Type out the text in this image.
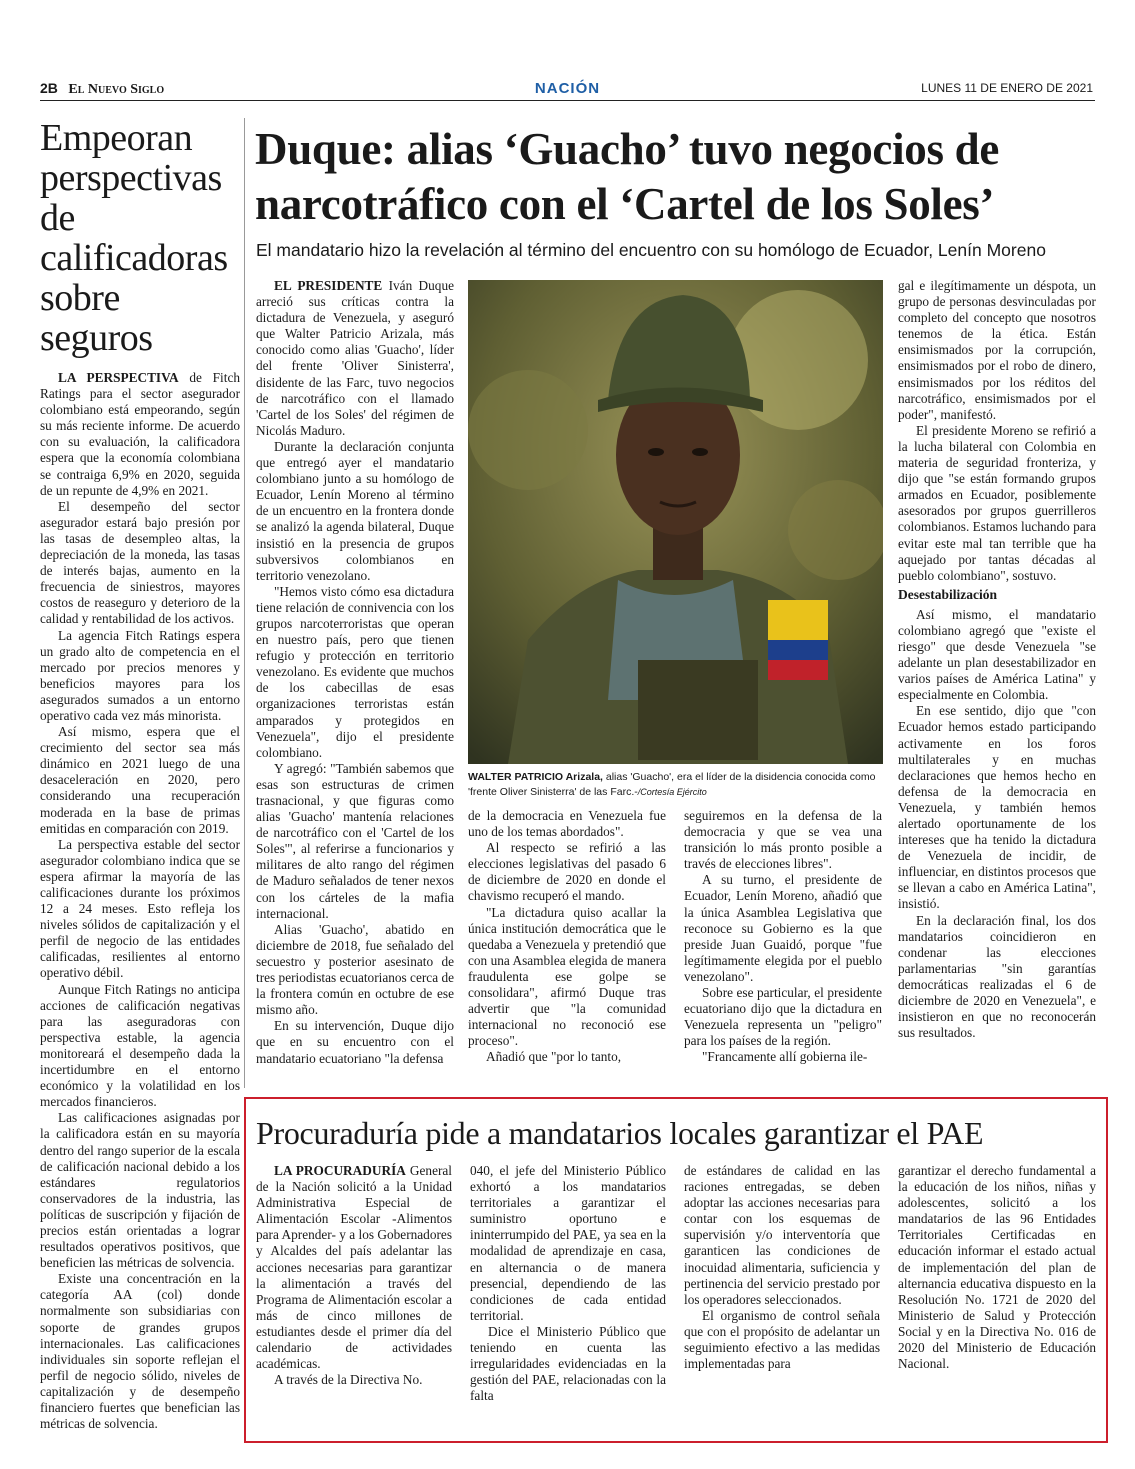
2B El Nuevo Siglo	NACIÓN	LUNES 11 DE ENERO DE 2021
Empeoran perspectivas de calificadoras sobre seguros

LA PERSPECTIVA de Fitch Ratings para el sector asegurador colombiano está empeorando, según su más reciente informe. De acuerdo con su evaluación, la calificadora espera que la economía colombiana se contraiga 6,9% en 2020, seguida de un repunte de 4,9% en 2021.

El desempeño del sector asegurador estará bajo presión por las tasas de desempleo altas, la depreciación de la moneda, las tasas de interés bajas, aumento en la frecuencia de siniestros, mayores costos de reaseguro y deterioro de la calidad y rentabilidad de los activos.

La agencia Fitch Ratings espera un grado alto de competencia en el mercado por precios menores y beneficios mayores para los asegurados sumados a un entorno operativo cada vez más minorista.

Así mismo, espera que el crecimiento del sector sea más dinámico en 2021 luego de una desaceleración en 2020, pero considerando una recuperación moderada en la base de primas emitidas en comparación con 2019.

La perspectiva estable del sector asegurador colombiano indica que se espera afirmar la mayoría de las calificaciones durante los próximos 12 a 24 meses. Esto refleja los niveles sólidos de capitalización y el perfil de negocio de las entidades calificadas, resilientes al entorno operativo débil.

Aunque Fitch Ratings no anticipa acciones de calificación negativas para las aseguradoras con perspectiva estable, la agencia monitoreará el desempeño dada la incertidumbre en el entorno económico y la volatilidad en los mercados financieros.

Las calificaciones asignadas por la calificadora están en su mayoría dentro del rango superior de la escala de calificación nacional debido a los estándares regulatorios conservadores de la industria, las políticas de suscripción y fijación de precios están orientadas a lograr resultados operativos positivos, que beneficien las métricas de solvencia.

Existe una concentración en la categoría AA (col) donde normalmente son subsidiarias con soporte de grandes grupos internacionales. Las calificaciones individuales sin soporte reflejan el perfil de negocio sólido, niveles de capitalización y de desempeño financiero fuertes que benefician las métricas de solvencia.

Duque: alias ‘Guacho’ tuvo negocios de narcotráfico con el ‘Cartel de los Soles’
El mandatario hizo la revelación al término del encuentro con su homólogo de Ecuador, Lenín Moreno

EL PRESIDENTE Iván Duque arreció sus críticas contra la dictadura de Venezuela, y aseguró que Walter Patricio Arizala, más conocido como alias 'Guacho', líder del frente 'Oliver Sinisterra', disidente de las Farc, tuvo negocios de narcotráfico con el llamado 'Cartel de los Soles' del régimen de Nicolás Maduro.

Durante la declaración conjunta que entregó ayer el mandatario colombiano junto a su homólogo de Ecuador, Lenín Moreno al término de un encuentro en la frontera donde se analizó la agenda bilateral, Duque insistió en la presencia de grupos subversivos colombianos en territorio venezolano.

"Hemos visto cómo esa dictadura tiene relación de connivencia con los grupos narcoterroristas que operan en nuestro país, pero que tienen refugio y protección en territorio venezolano. Es evidente que muchos de los cabecillas de esas organizaciones terroristas están amparados y protegidos en Venezuela", dijo el presidente colombiano.

Y agregó: "También sabemos que esas son estructuras de crimen trasnacional, y que figuras como alias 'Guacho' mantenía relaciones de narcotráfico con el 'Cartel de los Soles'", al referirse a funcionarios y militares de alto rango del régimen de Maduro señalados de tener nexos con los cárteles de la mafia internacional.

Alias 'Guacho', abatido en diciembre de 2018, fue señalado del secuestro y posterior asesinato de tres periodistas ecuatorianos cerca de la frontera común en octubre de ese mismo año.

En su intervención, Duque dijo que en su encuentro con el mandatario ecuatoriano "la defensa

WALTER PATRICIO Arizala, alias 'Guacho', era el líder de la disidencia conocida como 'frente Oliver Sinisterra' de las Farc.-/Cortesía Ejército

de la democracia en Venezuela fue uno de los temas abordados".

Al respecto se refirió a las elecciones legislativas del pasado 6 de diciembre de 2020 en donde el chavismo recuperó el mando.

"La dictadura quiso acallar la única institución democrática que le quedaba a Venezuela y pretendió que con una Asamblea elegida de manera fraudulenta ese golpe se consolidara", afirmó Duque tras advertir que "la comunidad internacional no reconoció ese proceso".

Añadió que "por lo tanto,

seguiremos en la defensa de la democracia y que se vea una transición lo más pronto posible a través de elecciones libres".

A su turno, el presidente de Ecuador, Lenín Moreno, añadió que la única Asamblea Legislativa que reconoce su Gobierno es la que preside Juan Guaidó, porque "fue legítimamente elegida por el pueblo venezolano".

Sobre ese particular, el presidente ecuatoriano dijo que la dictadura en Venezuela representa un "peligro" para los países de la región.

"Francamente allí gobierna ile-

gal e ilegítimamente un déspota, un grupo de personas desvinculadas por completo del concepto que nosotros tenemos de la ética. Están ensimismados por la corrupción, ensimismados por el robo de dinero, ensimismados por los réditos del narcotráfico, ensimismados por el poder", manifestó.

El presidente Moreno se refirió a la lucha bilateral con Colombia en materia de seguridad fronteriza, y dijo que "se están formando grupos armados en Ecuador, posiblemente asesorados por grupos guerrilleros colombianos. Estamos luchando para evitar este mal tan terrible que ha aquejado por tantas décadas al pueblo colombiano", sostuvo.

Desestabilización

Así mismo, el mandatario colombiano agregó que "existe el riesgo" que desde Venezuela "se adelante un plan desestabilizador en varios países de América Latina" y especialmente en Colombia.

En ese sentido, dijo que "con Ecuador hemos estado participando activamente en los foros multilaterales y en muchas declaraciones que hemos hecho en defensa de la democracia en Venezuela, y también hemos alertado oportunamente de los intereses que ha tenido la dictadura de Venezuela de incidir, de influenciar, en distintos procesos que se llevan a cabo en América Latina", insistió.

En la declaración final, los dos mandatarios coincidieron en condenar las elecciones parlamentarias "sin garantías democráticas realizadas el 6 de diciembre de 2020 en Venezuela", e insistieron en que no reconocerán sus resultados.

Procuraduría pide a mandatarios locales garantizar el PAE

LA PROCURADURÍA General de la Nación solicitó a la Unidad Administrativa Especial de Alimentación Escolar -Alimentos para Aprender- y a los Gobernadores y Alcaldes del país adelantar las acciones necesarias para garantizar la alimentación a través del Programa de Alimentación escolar a más de cinco millones de estudiantes desde el primer día del calendario de actividades académicas.

A través de la Directiva No.

040, el jefe del Ministerio Público exhortó a los mandatarios territoriales a garantizar el suministro oportuno e ininterrumpido del PAE, ya sea en la modalidad de aprendizaje en casa, en alternancia o de manera presencial, dependiendo de las condiciones de cada entidad territorial.

Dice el Ministerio Público que teniendo en cuenta las irregularidades evidenciadas en la gestión del PAE, relacionadas con la falta

de estándares de calidad en las raciones entregadas, se deben adoptar las acciones necesarias para contar con los esquemas de supervisión y/o interventoría que garanticen las condiciones de inocuidad alimentaria, suficiencia y pertinencia del servicio prestado por los operadores seleccionados.

El organismo de control señala que con el propósito de adelantar un seguimiento efectivo a las medidas implementadas para

garantizar el derecho fundamental a la educación de los niños, niñas y adolescentes, solicitó a los mandatarios de las 96 Entidades Territoriales Certificadas en educación informar el estado actual de implementación del plan de alternancia educativa dispuesto en la Resolución No. 1721 de 2020 del Ministerio de Salud y Protección Social y en la Directiva No. 016 de 2020 del Ministerio de Educación Nacional.
